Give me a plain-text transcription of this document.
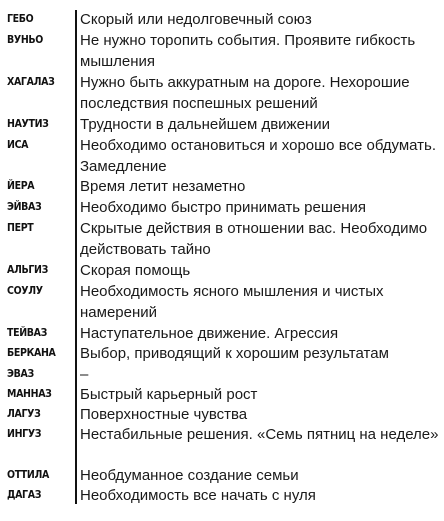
ГЕБО	Скорый или недолговечный союз

ВУНЬО Не нужно торопить события. Проявите гибкость мышления

ХАГАЛАЗ Нужно быть аккуратным на дороге. Нехорошие последствия поспешных решений

НАУТИЗ Трудности в дальнейшем движении

ИСА	Необходимо остановиться и хорошо все обдумать. Замедление

ЙЕРА	Время летит незаметно

ЭЙВАЗ	Необходимо быстро принимать решения

ПЕРТ	Скрытые действия в отношении вас. Необходимо действовать тайно

АЛЬГИЗ Скорая помощь

СОУЛУ Необходимость ясного мышления и чистых намерений

ТЕЙВАЗ Наступательное движение. Агрессия

БЕРКАНА Выбор, приводящий к хорошим результатам

ЭВАЗ	–

МАННАЗ Быстрый карьерный рост

ЛАГУЗ	Поверхностные чувства

ИНГУЗ	Нестабильные решения. «Семь пятниц на неделе»

ОТТИЛА Необдуманное создание семьи

ДАГАЗ	Необходимость все начать с нуля
